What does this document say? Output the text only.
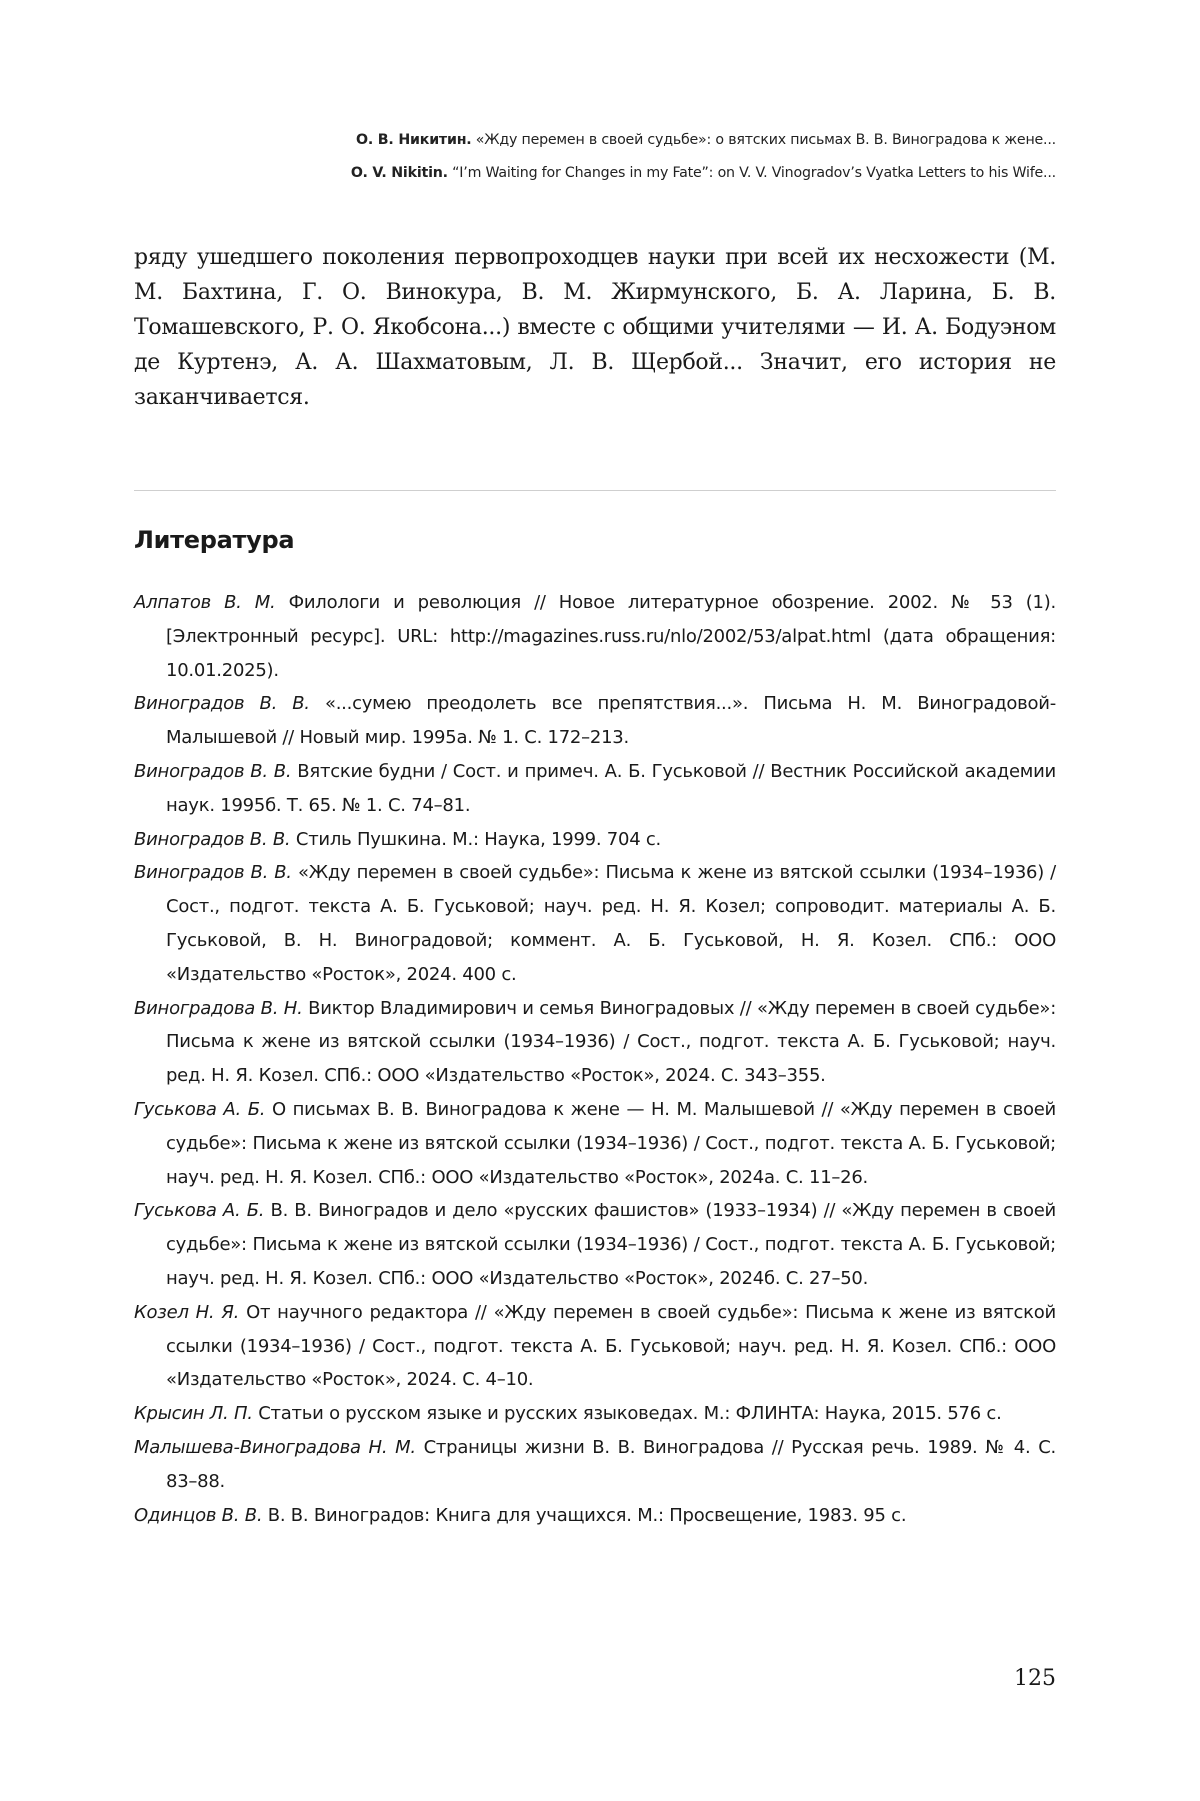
О. В. Никитин. «Жду перемен в своей судьбе»: о вятских письмах В. В. Виноградова к жене...
O. V. Nikitin. “I’m Waiting for Changes in my Fate”: on V. V. Vinogradov’s Vyatka Letters to his Wife...

ряду ушедшего поколения первопроходцев науки при всей их несхожести (М. М. Бахтина, Г. О. Винокура, В. М. Жирмунского, Б. А. Ларина, Б. В. Томашевского, Р. О. Якобсона...) вместе с общими учителями — И. А. Бодуэном де Куртенэ, А. А. Шахматовым, Л. В. Щербой... Значит, его история не заканчивается.

Литература
Алпатов В. М. Филологи и революция // Новое литературное обозрение. 2002. № 53 (1). [Электронный ресурс]. URL: http://magazines.russ.ru/nlo/2002/53/alpat.html (дата обращения: 10.01.2025).
Виноградов В. В. «...сумею преодолеть все препятствия...». Письма Н. М. Виноградовой-Малышевой // Новый мир. 1995а. № 1. С. 172–213.
Виноградов В. В. Вятские будни / Сост. и примеч. А. Б. Гуськовой // Вестник Российской академии наук. 1995б. Т. 65. № 1. С. 74–81.
Виноградов В. В. Стиль Пушкина. М.: Наука, 1999. 704 с.
Виноградов В. В. «Жду перемен в своей судьбе»: Письма к жене из вятской ссылки (1934–1936) / Сост., подгот. текста А. Б. Гуськовой; науч. ред. Н. Я. Козел; сопроводит. материалы А. Б. Гуськовой, В. Н. Виноградовой; коммент. А. Б. Гуськовой, Н. Я. Козел. СПб.: ООО «Издательство «Росток», 2024. 400 с.
Виноградова В. Н. Виктор Владимирович и семья Виноградовых // «Жду перемен в своей судьбе»: Письма к жене из вятской ссылки (1934–1936) / Сост., подгот. текста А. Б. Гуськовой; науч. ред. Н. Я. Козел. СПб.: ООО «Издательство «Росток», 2024. С. 343–355.
Гуськова А. Б. О письмах В. В. Виноградова к жене — Н. М. Малышевой // «Жду перемен в своей судьбе»: Письма к жене из вятской ссылки (1934–1936) / Сост., подгот. текста А. Б. Гуськовой; науч. ред. Н. Я. Козел. СПб.: ООО «Издательство «Росток», 2024а. С. 11–26.
Гуськова А. Б. В. В. Виноградов и дело «русских фашистов» (1933–1934) // «Жду перемен в своей судьбе»: Письма к жене из вятской ссылки (1934–1936) / Сост., подгот. текста А. Б. Гуськовой; науч. ред. Н. Я. Козел. СПб.: ООО «Издательство «Росток», 2024б. С. 27–50.
Козел Н. Я. От научного редактора // «Жду перемен в своей судьбе»: Письма к жене из вятской ссылки (1934–1936) / Сост., подгот. текста А. Б. Гуськовой; науч. ред. Н. Я. Козел. СПб.: ООО «Издательство «Росток», 2024. С. 4–10.
Крысин Л. П. Статьи о русском языке и русских языковедах. М.: ФЛИНТА: Наука, 2015. 576 с.
Малышева-Виноградова Н. М. Страницы жизни В. В. Виноградова // Русская речь. 1989. № 4. С. 83–88.
Одинцов В. В. В. В. Виноградов: Книга для учащихся. М.: Просвещение, 1983. 95 с.
125
